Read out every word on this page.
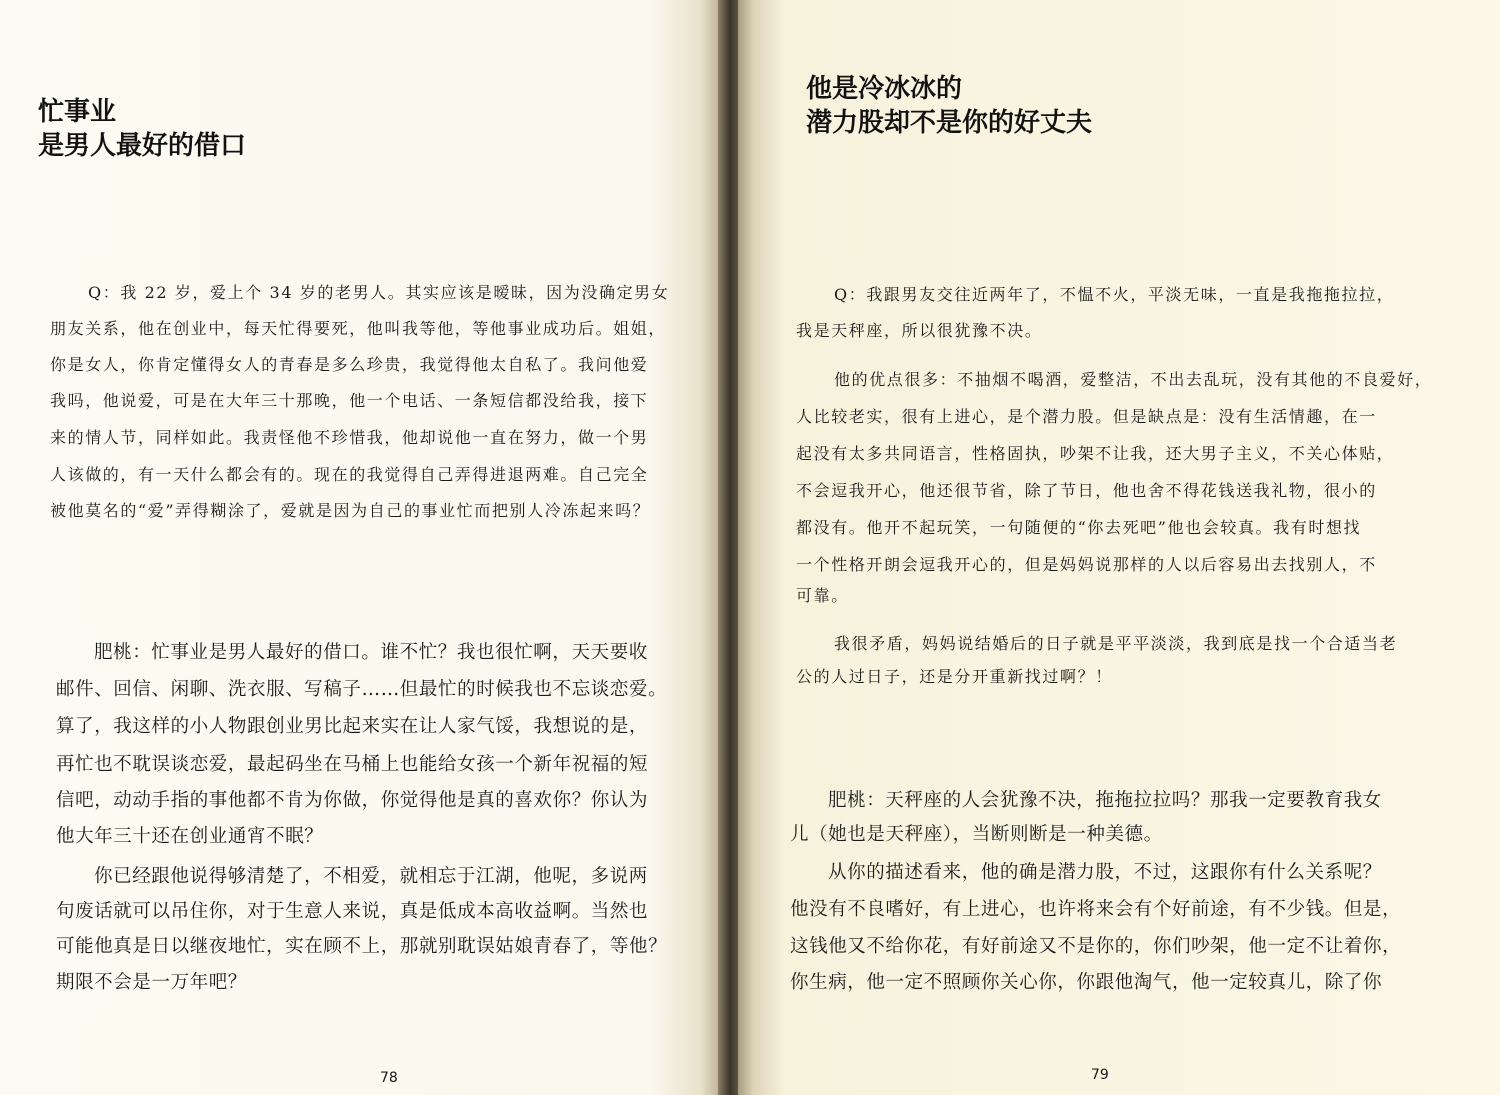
忙事业
是男人最好的借口
Q：我 22 岁，爱上个 34 岁的老男人。其实应该是暧昧，因为没确定男女
朋友关系，他在创业中，每天忙得要死，他叫我等他，等他事业成功后。姐姐，
你是女人，你肯定懂得女人的青春是多么珍贵，我觉得他太自私了。我问他爱
我吗，他说爱，可是在大年三十那晚，他一个电话、一条短信都没给我，接下
来的情人节，同样如此。我责怪他不珍惜我，他却说他一直在努力，做一个男
人该做的，有一天什么都会有的。现在的我觉得自己弄得进退两难。自己完全
被他莫名的“爱”弄得糊涂了，爱就是因为自己的事业忙而把别人冷冻起来吗？
肥桃：忙事业是男人最好的借口。谁不忙？我也很忙啊，天天要收
邮件、回信、闲聊、洗衣服、写稿子……但最忙的时候我也不忘谈恋爱。
算了，我这样的小人物跟创业男比起来实在让人家气馁，我想说的是，
再忙也不耽误谈恋爱，最起码坐在马桶上也能给女孩一个新年祝福的短
信吧，动动手指的事他都不肯为你做，你觉得他是真的喜欢你？你认为
他大年三十还在创业通宵不眠？
你已经跟他说得够清楚了，不相爱，就相忘于江湖，他呢，多说两
句废话就可以吊住你，对于生意人来说，真是低成本高收益啊。当然也
可能他真是日以继夜地忙，实在顾不上，那就别耽误姑娘青春了，等他？
期限不会是一万年吧？
78
他是冷冰冰的
潜力股却不是你的好丈夫
Q：我跟男友交往近两年了，不愠不火，平淡无味，一直是我拖拖拉拉，
我是天秤座，所以很犹豫不决。
他的优点很多：不抽烟不喝酒，爱整洁，不出去乱玩，没有其他的不良爱好，
人比较老实，很有上进心，是个潜力股。但是缺点是：没有生活情趣，在一
起没有太多共同语言，性格固执，吵架不让我，还大男子主义，不关心体贴，
不会逗我开心，他还很节省，除了节日，他也舍不得花钱送我礼物，很小的
都没有。他开不起玩笑，一句随便的“你去死吧”他也会较真。我有时想找
一个性格开朗会逗我开心的，但是妈妈说那样的人以后容易出去找别人，不
可靠。
我很矛盾，妈妈说结婚后的日子就是平平淡淡，我到底是找一个合适当老
公的人过日子，还是分开重新找过啊？！
肥桃：天秤座的人会犹豫不决，拖拖拉拉吗？那我一定要教育我女
儿（她也是天秤座），当断则断是一种美德。
从你的描述看来，他的确是潜力股，不过，这跟你有什么关系呢？
他没有不良嗜好，有上进心，也许将来会有个好前途，有不少钱。但是，
这钱他又不给你花，有好前途又不是你的，你们吵架，他一定不让着你，
你生病，他一定不照顾你关心你，你跟他淘气，他一定较真儿，除了你
79
